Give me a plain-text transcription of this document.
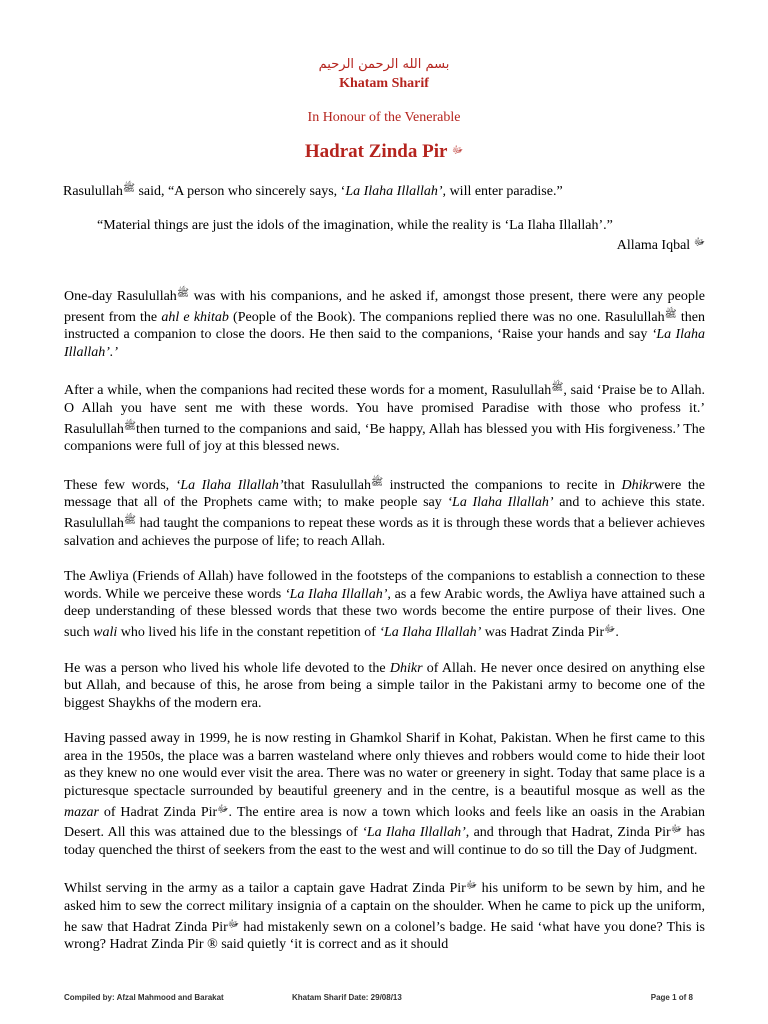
بسم الله الرحمن الرحيم
Khatam Sharif
In Honour of the Venerable
Hadrat Zinda Pir $^ﷻ$
Rasulullah$^ﷺ$ said, “A person who sincerely says, ‘La Ilaha Illallah’, will enter paradise.”
“Material things are just the idols of the imagination, while the reality is ‘La Ilaha Illallah’.”
Allama Iqbal $^ﷻ$

One-day Rasulullah$^ﷺ$ was with his companions, and he asked if, amongst those present, there were any people present from the ahl e khitab (People of the Book). The companions replied there was no one. Rasulullah$^ﷺ$ then instructed a companion to close the doors. He then said to the companions, ‘Raise your hands and say ‘La Ilaha Illallah’.’

After a while, when the companions had recited these words for a moment, Rasulullah$^ﷺ$, said ‘Praise be to Allah. O Allah you have sent me with these words. You have promised Paradise with those who profess it.’ Rasulullah$^ﷺ$then turned to the companions and said, ‘Be happy, Allah has blessed you with His forgiveness.’ The companions were full of joy at this blessed news.

These few words, ‘La Ilaha Illallah’that Rasulullah$^ﷺ$ instructed the companions to recite in Dhikrwere the message that all of the Prophets came with; to make people say ‘La Ilaha Illallah’ and to achieve this state. Rasulullah$^ﷺ$ had taught the companions to repeat these words as it is through these words that a believer achieves salvation and achieves the purpose of life; to reach Allah.

The Awliya (Friends of Allah) have followed in the footsteps of the companions to establish a connection to these words. While we perceive these words ‘La Ilaha Illallah’, as a few Arabic words, the Awliya have attained such a deep understanding of these blessed words that these two words become the entire purpose of their lives. One such wali who lived his life in the constant repetition of ‘La Ilaha Illallah’ was Hadrat Zinda Pir$^ﷻ$.

He was a person who lived his whole life devoted to the Dhikr of Allah. He never once desired on anything else but Allah, and because of this, he arose from being a simple tailor in the Pakistani army to become one of the biggest Shaykhs of the modern era.

Having passed away in 1999, he is now resting in Ghamkol Sharif in Kohat, Pakistan. When he first came to this area in the 1950s, the place was a barren wasteland where only thieves and robbers would come to hide their loot as they knew no one would ever visit the area. There was no water or greenery in sight. Today that same place is a picturesque spectacle surrounded by beautiful greenery and in the centre, is a beautiful mosque as well as the mazar of Hadrat Zinda Pir$^ﷻ$. The entire area is now a town which looks and feels like an oasis in the Arabian Desert. All this was attained due to the blessings of ‘La Ilaha Illallah’, and through that Hadrat, Zinda Pir$^ﷻ$ has today quenched the thirst of seekers from the east to the west and will continue to do so till the Day of Judgment.

Whilst serving in the army as a tailor a captain gave Hadrat Zinda Pir$^ﷻ$ his uniform to be sewn by him, and he asked him to sew the correct military insignia of a captain on the shoulder. When he came to pick up the uniform, he saw that Hadrat Zinda Pir$^ﷻ$ had mistakenly sewn on a colonel’s badge. He said ‘what have you done? This is wrong? Hadrat Zinda Pir ® said quietly ‘it is correct and as it should

Compiled by: Afzal Mahmood and Barakat	Khatam Sharif Date: 29/08/13	Page 1 of 8
